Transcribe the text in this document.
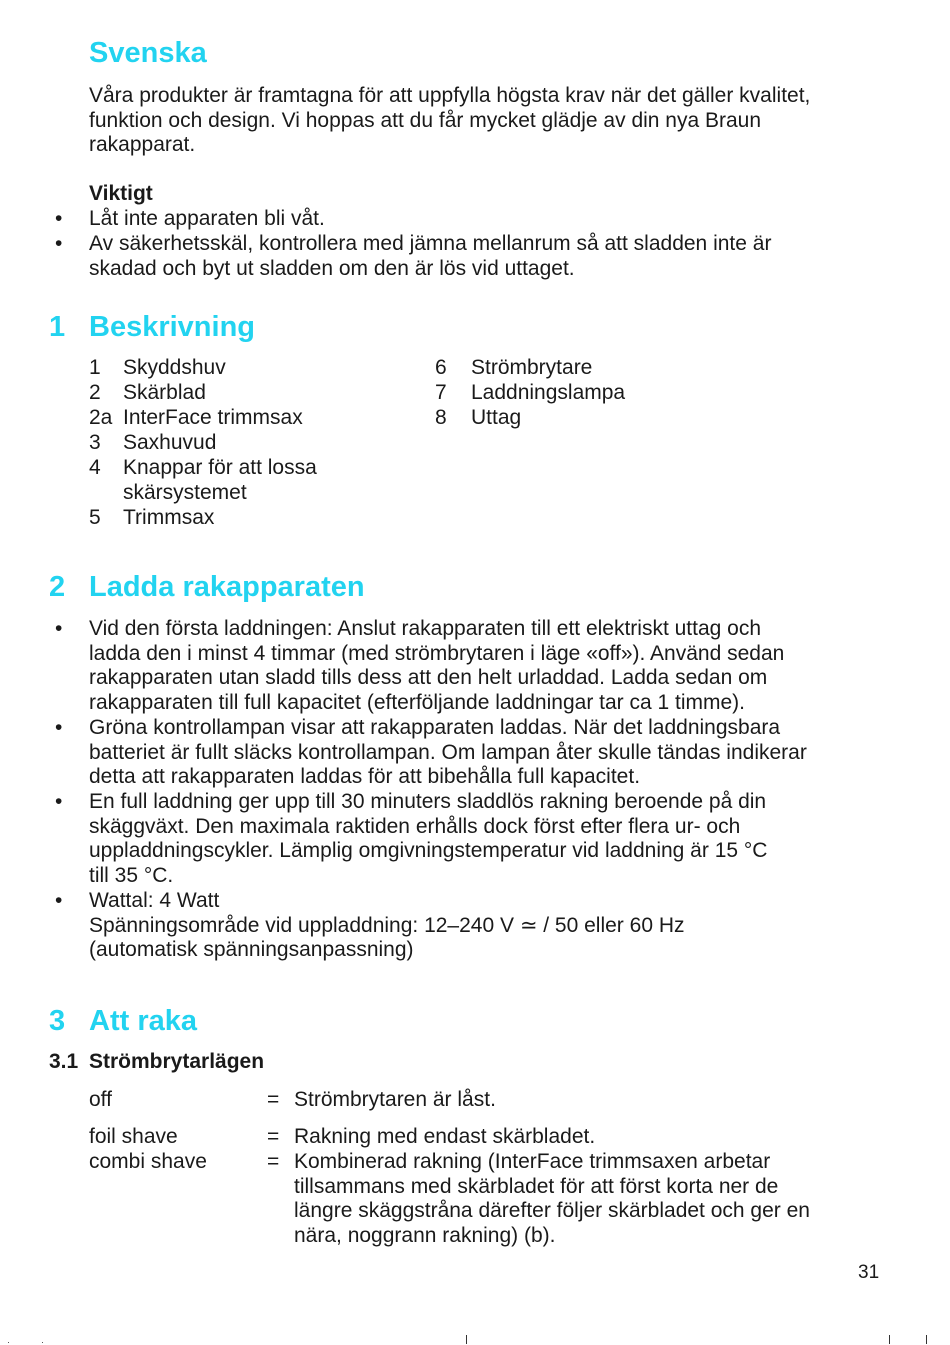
Svenska
Våra produkter är framtagna för att uppfylla högsta krav när det gäller kvalitet,
funktion och design. Vi hoppas att du får mycket glädje av din nya Braun
rakapparat.
Viktigt
• Låt inte apparaten bli våt.
• Av säkerhetsskäl, kontrollera med jämna mellanrum så att sladden inte är
skadad och byt ut sladden om den är lös vid uttaget.
1 Beskrivning
1 Skyddshuv
2 Skärblad
2a InterFace trimmsax
3 Saxhuvud
4 Knappar för att lossa
skärsystemet
5 Trimmsax
6 Strömbrytare
7 Laddningslampa
8 Uttag
2 Ladda rakapparaten
• Vid den första laddningen: Anslut rakapparaten till ett elektriskt uttag och
ladda den i minst 4 timmar (med strömbrytaren i läge «off»). Använd sedan
rakapparaten utan sladd tills dess att den helt urladdad. Ladda sedan om
rakapparaten till full kapacitet (efterföljande laddningar tar ca 1 timme).
• Gröna kontrollampan visar att rakapparaten laddas. När det laddningsbara
batteriet är fullt släcks kontrollampan. Om lampan åter skulle tändas indikerar
detta att rakapparaten laddas för att bibehålla full kapacitet.
• En full laddning ger upp till 30 minuters sladdlös rakning beroende på din
skäggväxt. Den maximala raktiden erhålls dock först efter flera ur- och
uppladdningscykler. Lämplig omgivningstemperatur vid laddning är 15 °C
till 35 °C.
• Wattal: 4 Watt
Spänningsområde vid uppladdning: 12–240 V ≃ / 50 eller 60 Hz
(automatisk spänningsanpassning)
3 Att raka
3.1 Strömbrytarlägen
off	= Strömbrytaren är låst.
foil shave	= Rakning med endast skärbladet.
combi shave	= Kombinerad rakning (InterFace trimmsaxen arbetar
tillsammans med skärbladet för att först korta ner de
längre skäggstråna därefter följer skärbladet och ger en
nära, noggrann rakning) (b).
31
